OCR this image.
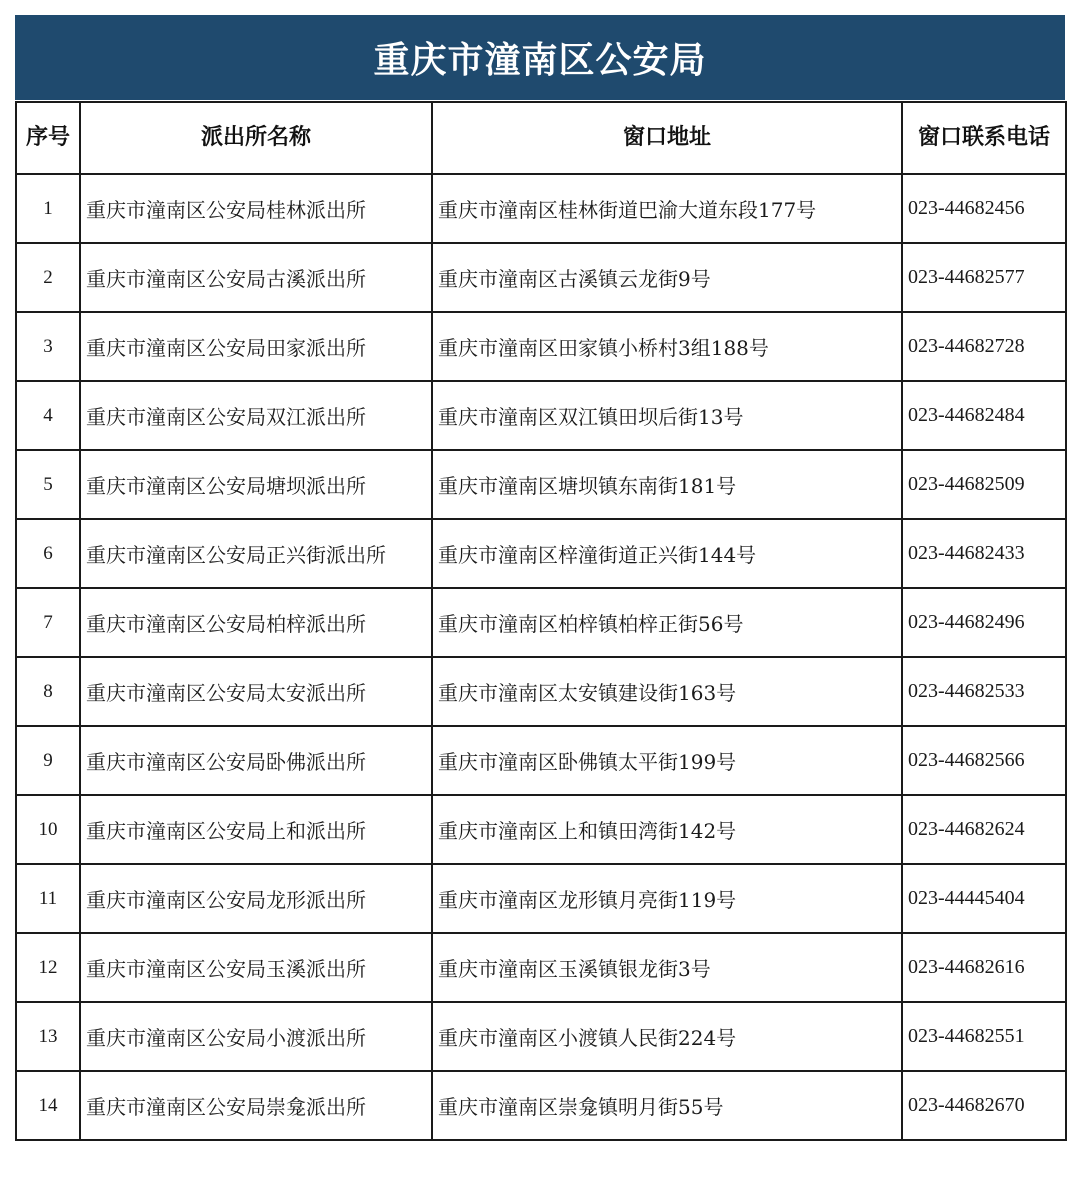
重庆市潼南区公安局
序号	派出所名称	窗口地址	窗口联系电话
1	重庆市潼南区公安局桂林派出所	重庆市潼南区桂林街道巴渝大道东段177号	023-44682456
2	重庆市潼南区公安局古溪派出所	重庆市潼南区古溪镇云龙街9号	023-44682577
3	重庆市潼南区公安局田家派出所	重庆市潼南区田家镇小桥村3组188号	023-44682728
4	重庆市潼南区公安局双江派出所	重庆市潼南区双江镇田坝后街13号	023-44682484
5	重庆市潼南区公安局塘坝派出所	重庆市潼南区塘坝镇东南街181号	023-44682509
6	重庆市潼南区公安局正兴街派出所	重庆市潼南区梓潼街道正兴街144号	023-44682433
7	重庆市潼南区公安局柏梓派出所	重庆市潼南区柏梓镇柏梓正街56号	023-44682496
8	重庆市潼南区公安局太安派出所	重庆市潼南区太安镇建设街163号	023-44682533
9	重庆市潼南区公安局卧佛派出所	重庆市潼南区卧佛镇太平街199号	023-44682566
10	重庆市潼南区公安局上和派出所	重庆市潼南区上和镇田湾街142号	023-44682624
11	重庆市潼南区公安局龙形派出所	重庆市潼南区龙形镇月亮街119号	023-44445404
12	重庆市潼南区公安局玉溪派出所	重庆市潼南区玉溪镇银龙街3号	023-44682616
13	重庆市潼南区公安局小渡派出所	重庆市潼南区小渡镇人民街224号	023-44682551
14	重庆市潼南区公安局崇龛派出所	重庆市潼南区崇龛镇明月街55号	023-44682670
